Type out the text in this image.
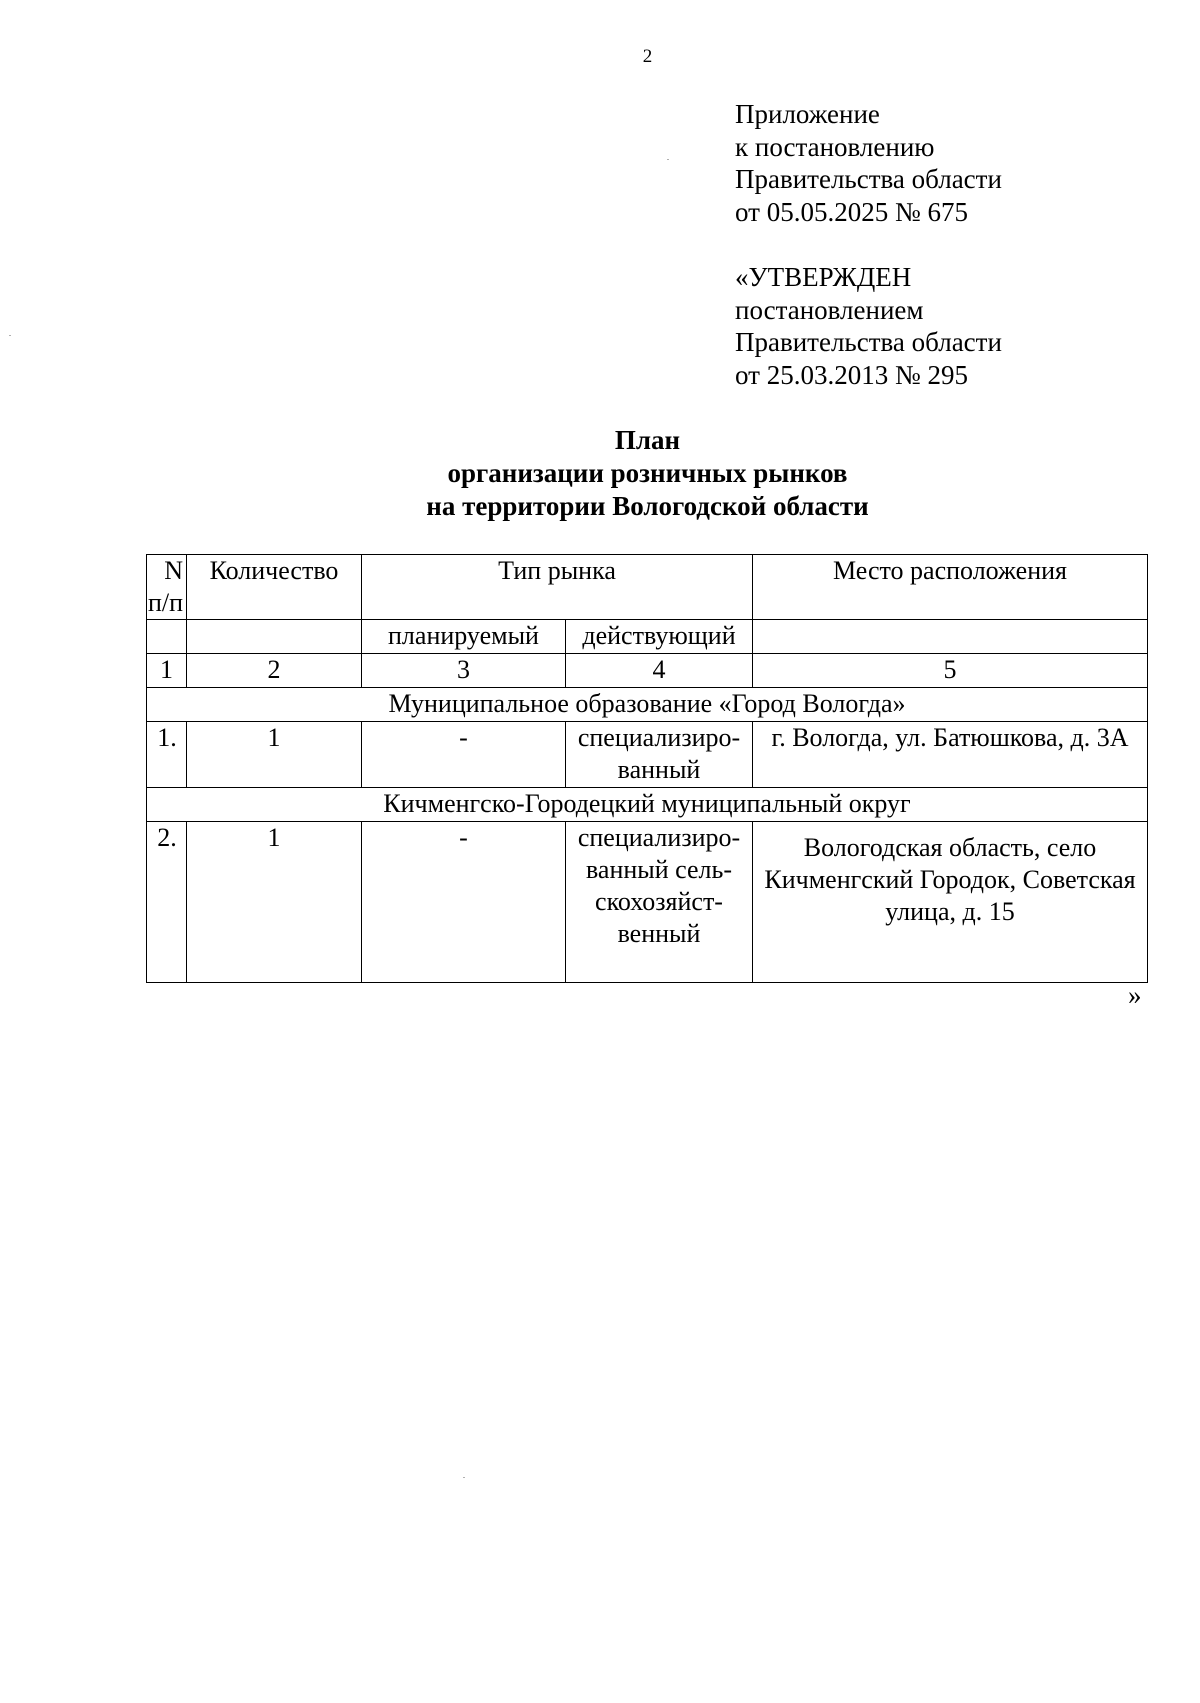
2
Приложение
к постановлению
Правительства области
от 05.05.2025 № 675
«УТВЕРЖДЕН
постановлением
Правительства области
от 25.03.2013 № 295
План
организации розничных рынков
на территории Вологодской области
N п/п	Количество	Тип рынка		Место расположения
		планируемый	действующий	
1	2	3	4	5
Муниципальное образование «Город Вологда»				
1.	1	-	специализиро- ванный	г. Вологда, ул. Батюшкова, д. 3А
Кичменгско-Городецкий муниципальный округ				
2.	1	-	специализиро- ванный сель- скохозяйст- венный	Вологодская область, село Кичменгский Городок, Советская улица, д. 15
»
